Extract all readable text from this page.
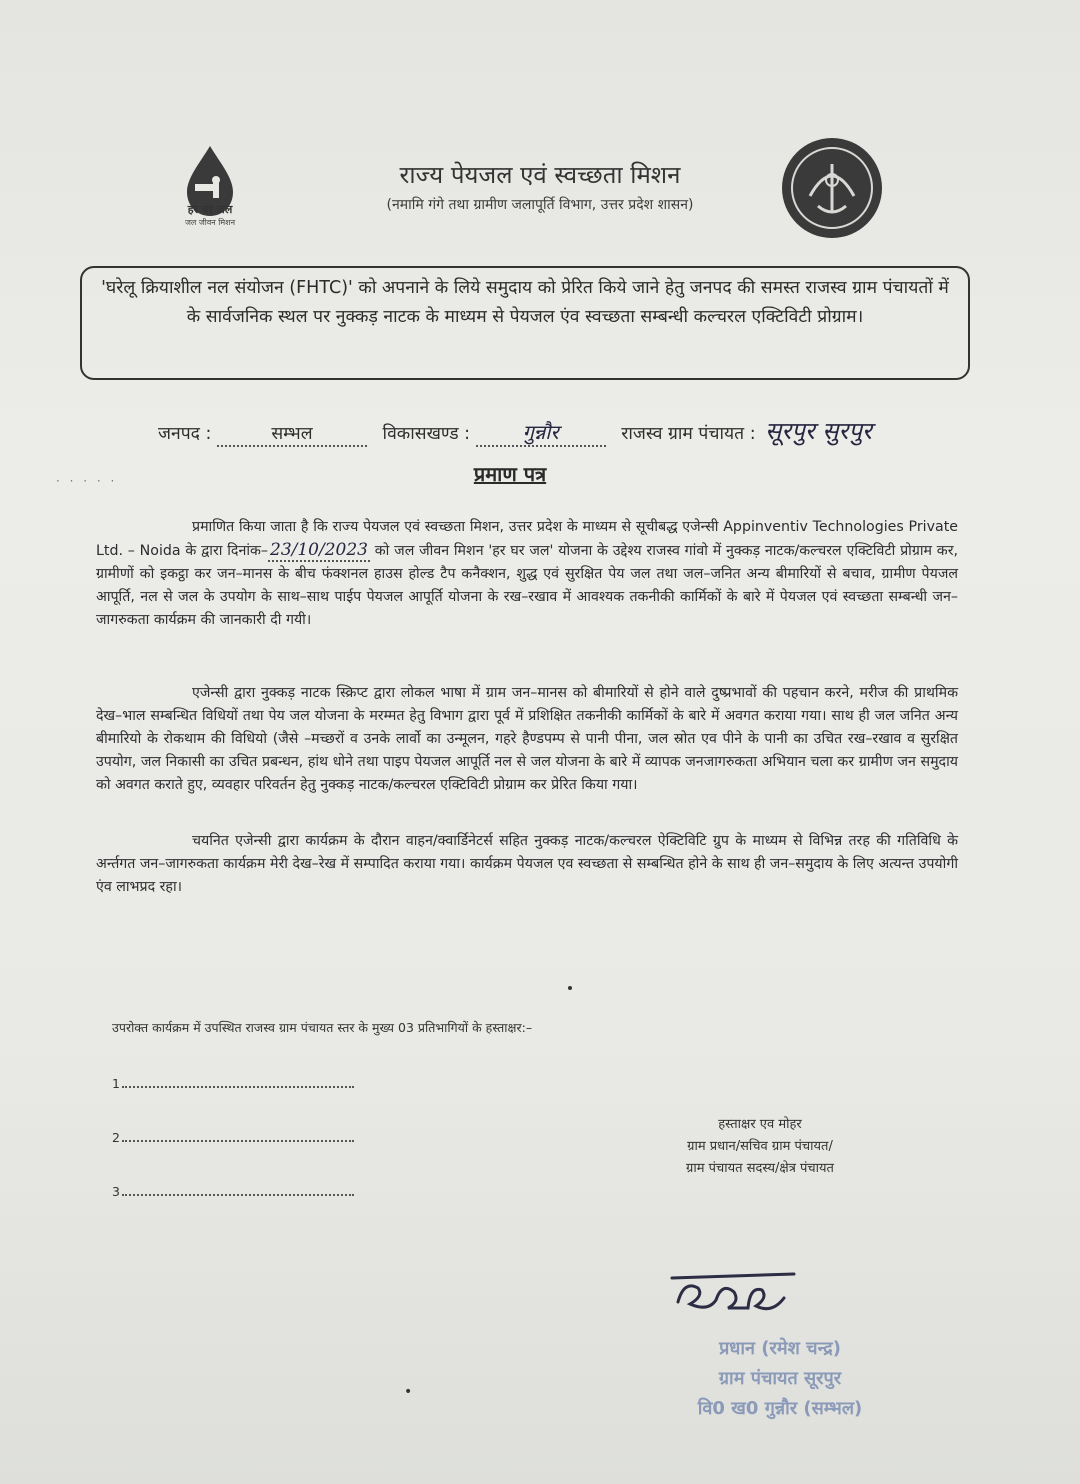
हर घर जल
जल जीवन मिशन
राज्य पेयजल एवं स्वच्छता मिशन
(नमामि गंगे तथा ग्रामीण जलापूर्ति विभाग, उत्तर प्रदेश शासन)
'घरेलू क्रियाशील नल संयोजन (FHTC)' को अपनाने के लिये समुदाय को प्रेरित किये जाने हेतु जनपद की समस्त राजस्व ग्राम पंचायतों में के सार्वजनिक स्थल पर नुक्कड़ नाटक के माध्यम से पेयजल एंव स्वच्छता सम्बन्धी कल्चरल एक्टिविटी प्रोग्राम।
जनपद :	सम्भल	विकासखण्ड :	गुन्नौर	राजस्व ग्राम पंचायत : सूरपुर सुरपुर
· · · · ·	प्रमाण पत्र
प्रमाणित किया जाता है कि राज्य पेयजल एवं स्वच्छता मिशन, उत्तर प्रदेश के माध्यम से सूचीबद्ध एजेन्सी Appinventiv Technologies Private Ltd. – Noida के द्वारा दिनांक– 23/10/2023 को जल जीवन मिशन 'हर घर जल' योजना के उद्देश्य राजस्व गांवो में नुक्कड़ नाटक/कल्चरल एक्टिविटी प्रोग्राम कर, ग्रामीणों को इकट्ठा कर जन–मानस के बीच फंक्शनल हाउस होल्ड टैप कनैक्शन, शुद्ध एवं सुरक्षित पेय जल तथा जल–जनित अन्य बीमारियों से बचाव, ग्रामीण पेयजल आपूर्ति, नल से जल के उपयोग के साथ–साथ पाईप पेयजल आपूर्ति योजना के रख–रखाव में आवश्यक तकनीकी कार्मिकों के बारे में पेयजल एवं स्वच्छता सम्बन्धी जन–जागरुकता कार्यक्रम की जानकारी दी गयी।
एजेन्सी द्वारा नुक्कड़ नाटक स्क्रिप्ट द्वारा लोकल भाषा में ग्राम जन–मानस को बीमारियों से होने वाले दुष्प्रभावों की पहचान करने, मरीज की प्राथमिक देख–भाल सम्बन्धित विधियों तथा पेय जल योजना के मरम्मत हेतु विभाग द्वारा पूर्व में प्रशिक्षित तकनीकी कार्मिकों के बारे में अवगत कराया गया। साथ ही जल जनित अन्य बीमारियो के रोकथाम की विधियो (जैसे –मच्छरों व उनके लार्वो का उन्मूलन, गहरे हैण्डपम्प से पानी पीना, जल स्रोत एव पीने के पानी का उचित रख–रखाव व सुरक्षित उपयोग, जल निकासी का उचित प्रबन्धन, हांथ धोने तथा पाइप पेयजल आपूर्ति नल से जल योजना के बारे में व्यापक जनजागरुकता अभियान चला कर ग्रामीण जन समुदाय को अवगत कराते हुए, व्यवहार परिवर्तन हेतु नुक्कड़ नाटक/कल्चरल एक्टिविटी प्रोग्राम कर प्रेरित किया गया।
चयनित एजेन्सी द्वारा कार्यक्रम के दौरान वाहन/क्वार्डिनेटर्स सहित नुक्कड़ नाटक/कल्चरल ऐक्टिविटि ग्रुप के माध्यम से विभिन्न तरह की गतिविधि के अर्न्तगत जन–जागरुकता कार्यक्रम मेरी देख–रेख में सम्पादित कराया गया। कार्यक्रम पेयजल एव स्वच्छता से सम्बन्धित होने के साथ ही जन–समुदाय के लिए अत्यन्त उपयोगी एंव लाभप्रद रहा।
उपरोक्त कार्यक्रम में उपस्थित राजस्व ग्राम पंचायत स्तर के मुख्य 03 प्रतिभागियों के हस्ताक्षर:–
1
2
3
हस्ताक्षर एव मोहर
ग्राम प्रधान/सचिव ग्राम पंचायत/
ग्राम पंचायत सदस्य/क्षेत्र पंचायत
प्रधान (रमेश चन्द्र)
ग्राम पंचायत सूरपुर
वि0 ख0 गुन्नौर (सम्भल)
•
